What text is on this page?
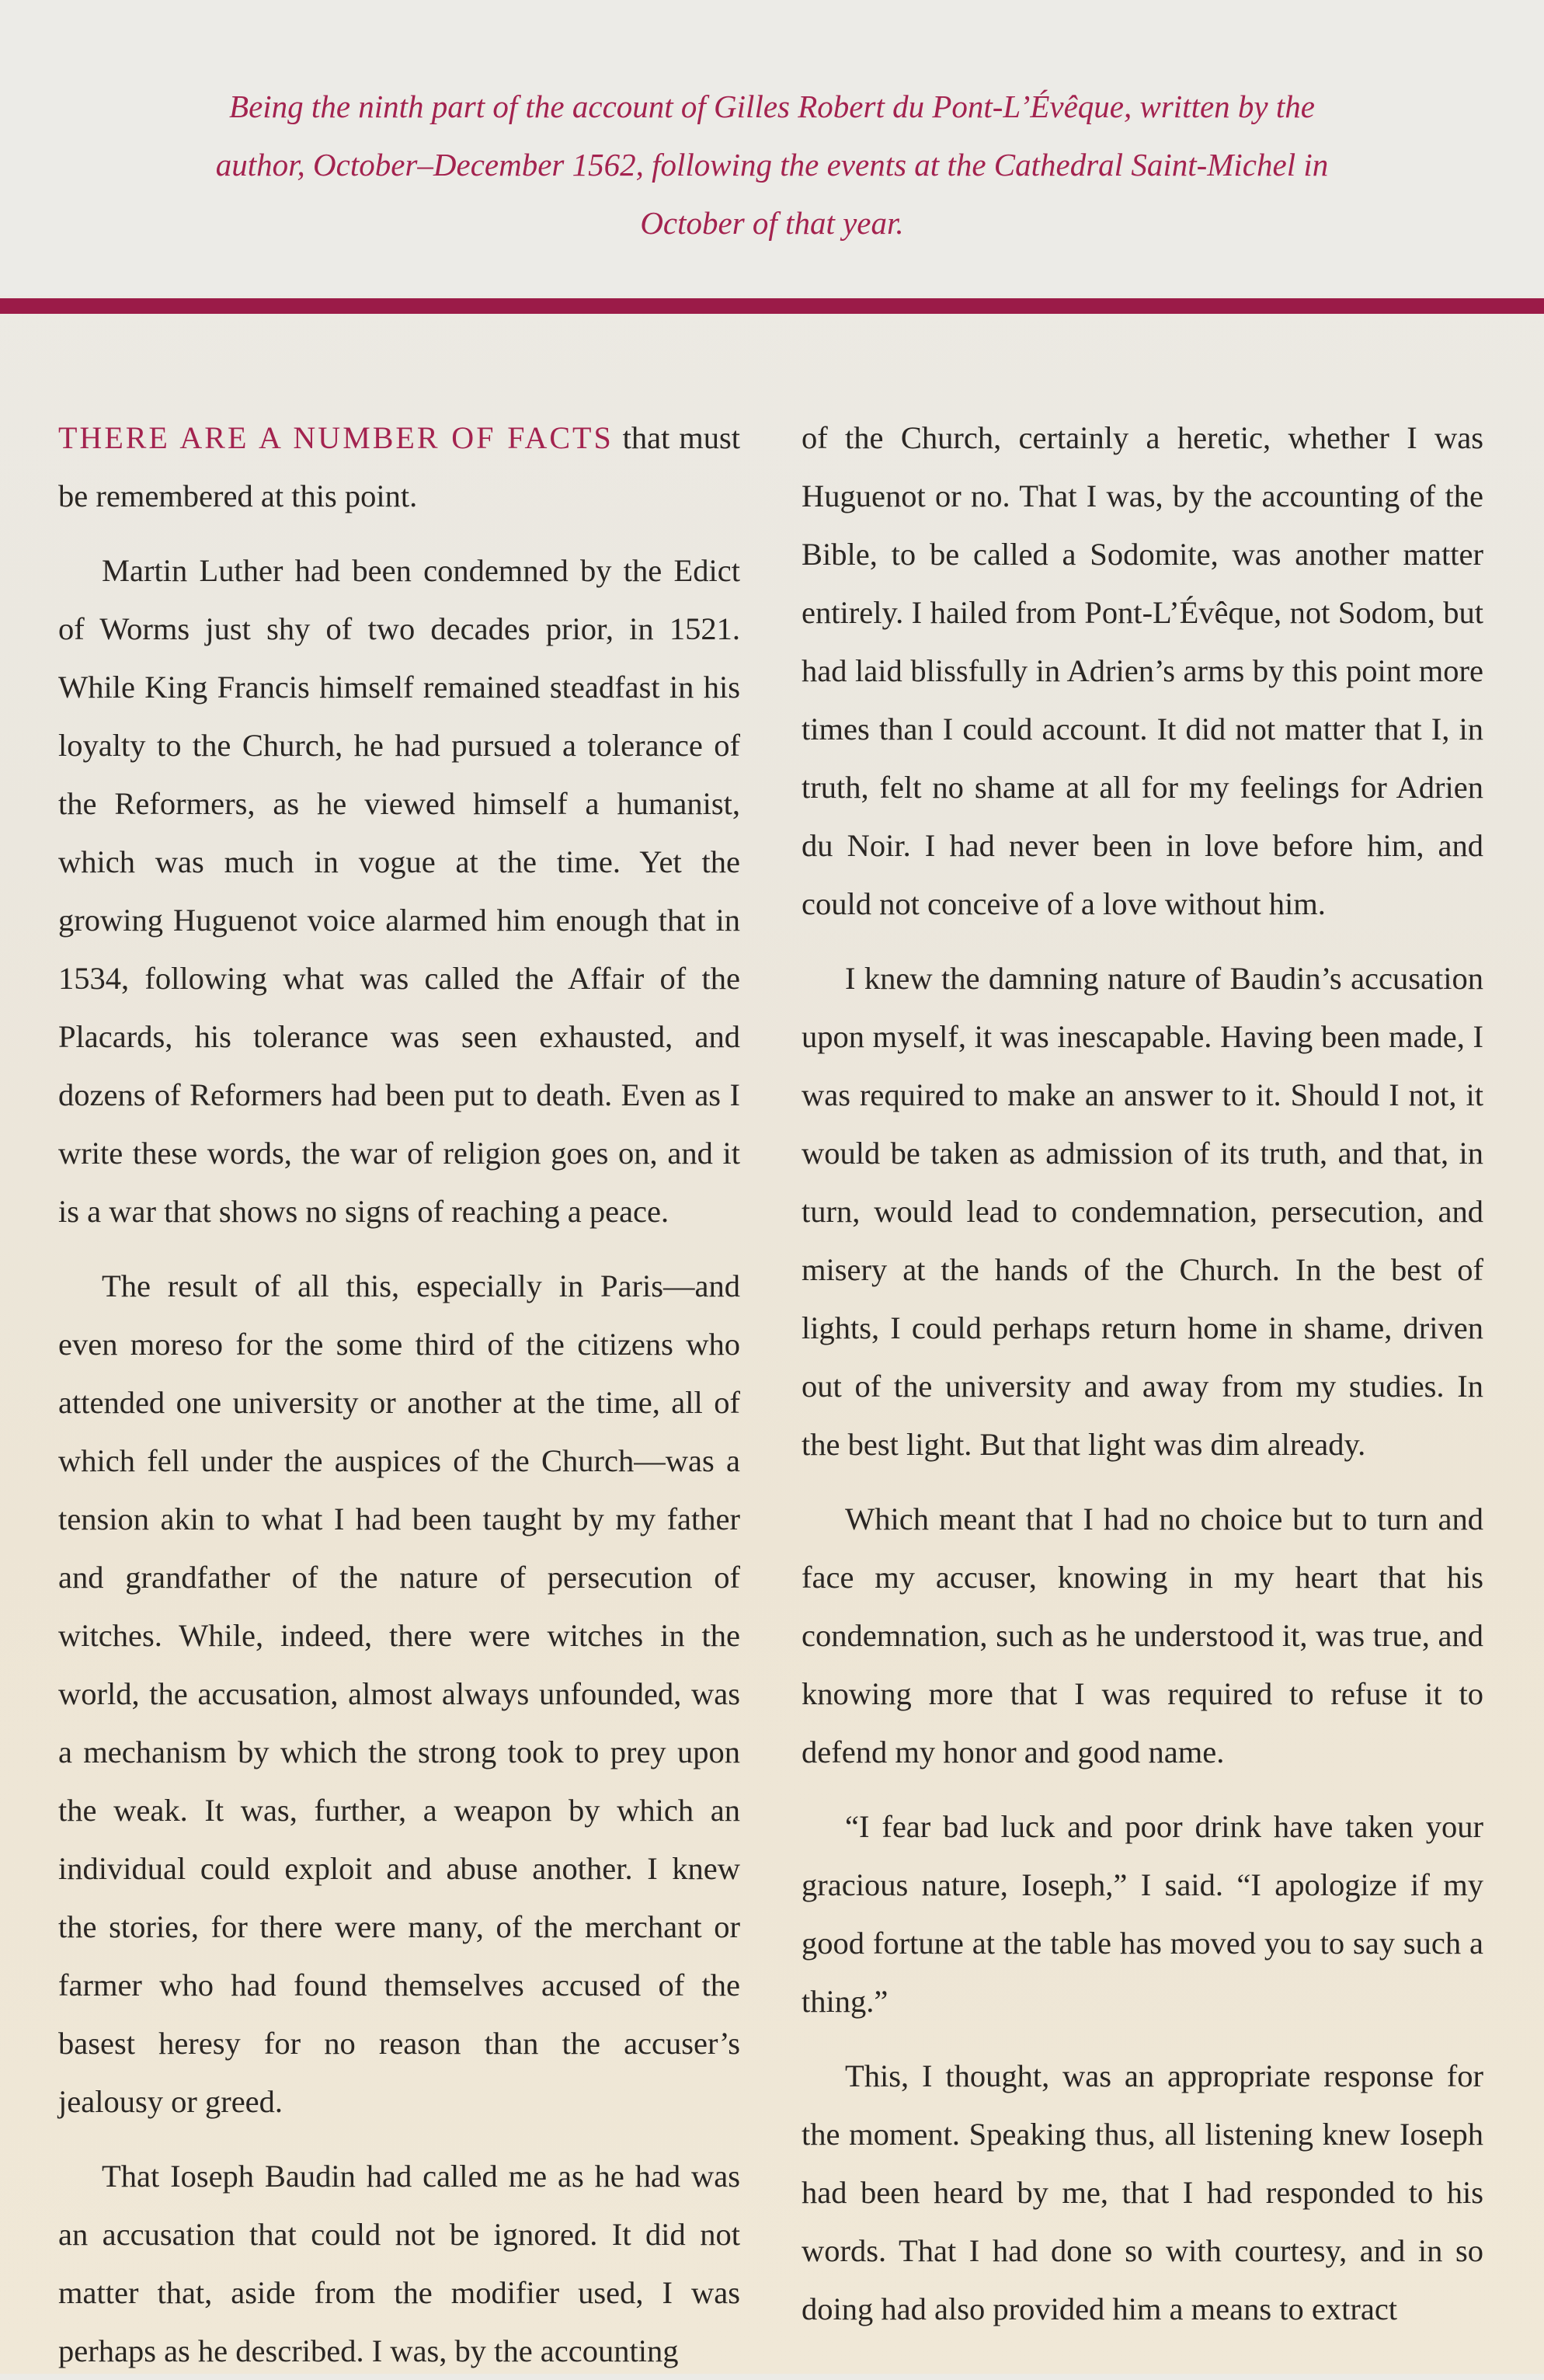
Being the ninth part of the account of Gilles Robert du Pont-L’Évêque, written by the author, October–December 1562, following the events at the Cathedral Saint-Michel in October of that year.

THERE ARE A NUMBER OF FACTS that must be remembered at this point.

Martin Luther had been condemned by the Edict of Worms just shy of two decades prior, in 1521. While King Francis himself remained steadfast in his loyalty to the Church, he had pursued a tolerance of the Reformers, as he viewed himself a humanist, which was much in vogue at the time. Yet the growing Huguenot voice alarmed him enough that in 1534, following what was called the Affair of the Placards, his tolerance was seen exhausted, and dozens of Reformers had been put to death. Even as I write these words, the war of religion goes on, and it is a war that shows no signs of reaching a peace.

The result of all this, especially in Paris—and even moreso for the some third of the citizens who attended one university or another at the time, all of which fell under the auspices of the Church—was a tension akin to what I had been taught by my father and grandfather of the nature of persecution of witches. While, indeed, there were witches in the world, the accusation, almost always unfounded, was a mechanism by which the strong took to prey upon the weak. It was, further, a weapon by which an individual could exploit and abuse another. I knew the stories, for there were many, of the merchant or farmer who had found themselves accused of the basest heresy for no reason than the accuser’s jealousy or greed.

That Ioseph Baudin had called me as he had was an accusation that could not be ignored. It did not matter that, aside from the modifier used, I was perhaps as he described. I was, by the accounting

of the Church, certainly a heretic, whether I was Huguenot or no. That I was, by the accounting of the Bible, to be called a Sodomite, was another matter entirely. I hailed from Pont-L’Évêque, not Sodom, but had laid blissfully in Adrien’s arms by this point more times than I could account. It did not matter that I, in truth, felt no shame at all for my feelings for Adrien du Noir. I had never been in love before him, and could not conceive of a love without him.

I knew the damning nature of Baudin’s accusation upon myself, it was inescapable. Having been made, I was required to make an answer to it. Should I not, it would be taken as admission of its truth, and that, in turn, would lead to condemnation, persecution, and misery at the hands of the Church. In the best of lights, I could perhaps return home in shame, driven out of the university and away from my studies. In the best light. But that light was dim already.

Which meant that I had no choice but to turn and face my accuser, knowing in my heart that his condemnation, such as he understood it, was true, and knowing more that I was required to refuse it to defend my honor and good name.

“I fear bad luck and poor drink have taken your gracious nature, Ioseph,” I said. “I apologize if my good fortune at the table has moved you to say such a thing.”

This, I thought, was an appropriate response for the moment. Speaking thus, all listening knew Ioseph had been heard by me, that I had responded to his words. That I had done so with courtesy, and in so doing had also provided him a means to extract
